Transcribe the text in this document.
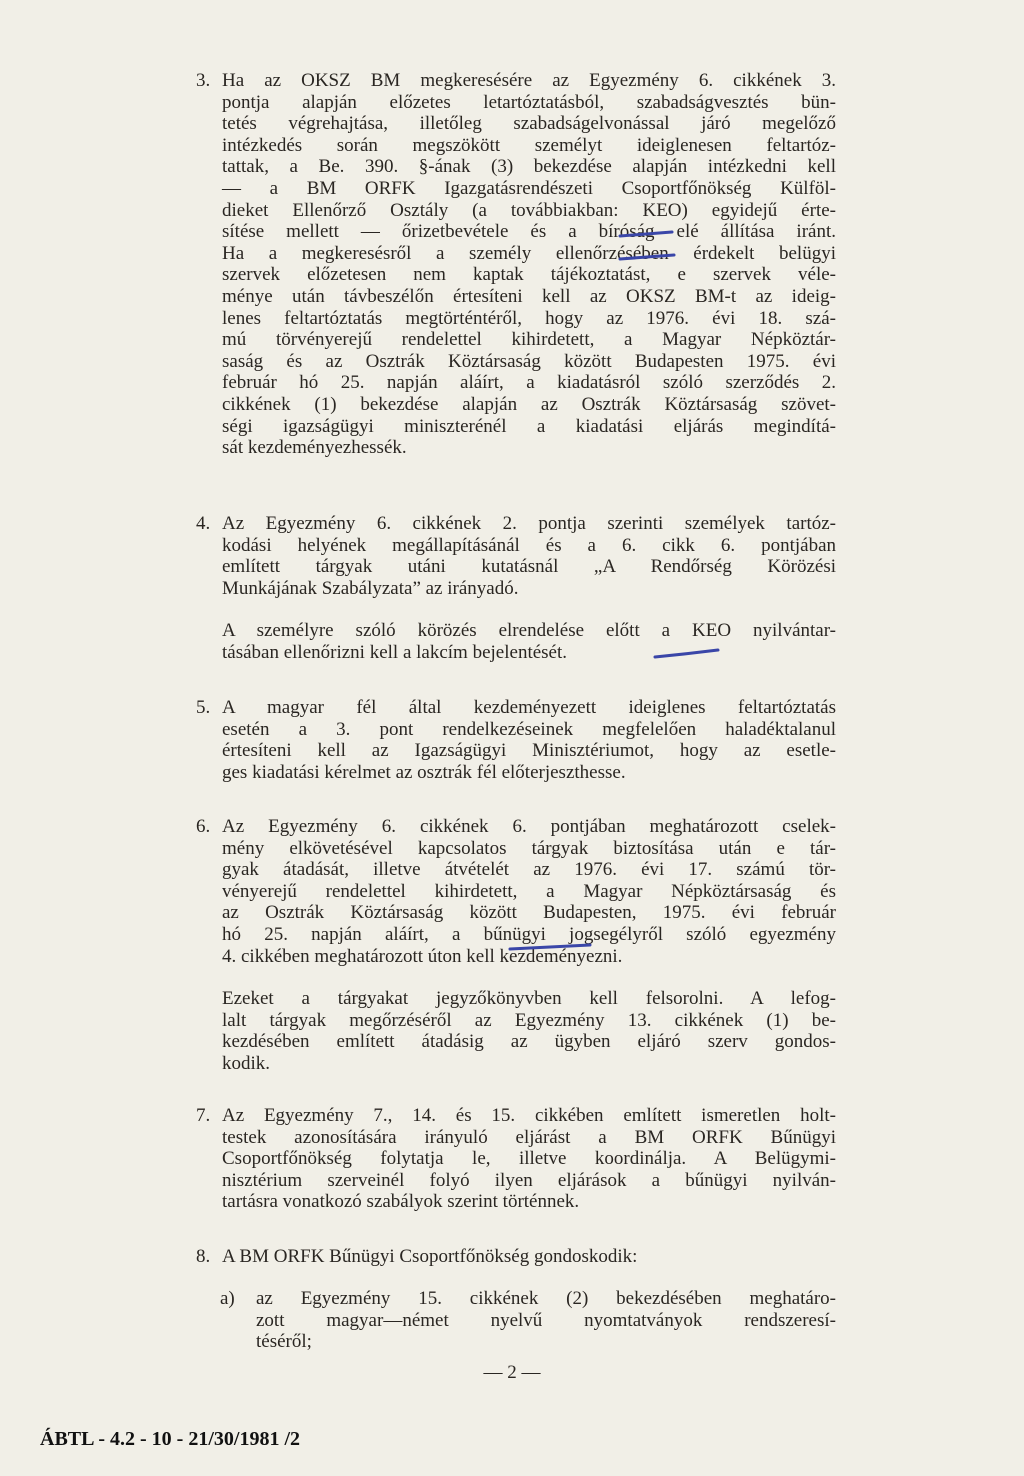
3. Ha az OKSZ BM megkeresésére az Egyezmény 6. cikkének 3.
pontja alapján előzetes letartóztatásból, szabadságvesztés bün-
tetés végrehajtása, illetőleg szabadságelvonással járó megelőző
intézkedés során megszökött személyt ideiglenesen feltartóz-
tattak, a Be. 390. §-ának (3) bekezdése alapján intézkedni kell
— a BM ORFK Igazgatásrendészeti Csoportfőnökség Külföl-
dieket Ellenőrző Osztály (a továbbiakban: KEO) egyidejű érte-
sítése mellett — őrizetbevétele és a bíróság elé állítása iránt.
Ha a megkeresésről a személy ellenőrzésében érdekelt belügyi
szervek előzetesen nem kaptak tájékoztatást, e szervek véle-
ménye után távbeszélőn értesíteni kell az OKSZ BM-t az ideig-
lenes feltartóztatás megtörténtéről, hogy az 1976. évi 18. szá-
mú törvényerejű rendelettel kihirdetett, a Magyar Népköztár-
saság és az Osztrák Köztársaság között Budapesten 1975. évi
február hó 25. napján aláírt, a kiadatásról szóló szerződés 2.
cikkének (1) bekezdése alapján az Osztrák Köztársaság szövet-
ségi igazságügyi miniszterénél a kiadatási eljárás megindítá-
sát kezdeményezhessék.
4. Az Egyezmény 6. cikkének 2. pontja szerinti személyek tartóz-
kodási helyének megállapításánál és a 6. cikk 6. pontjában
említett tárgyak utáni kutatásnál „A Rendőrség Körözési
Munkájának Szabályzata” az irányadó.
A személyre szóló körözés elrendelése előtt a KEO nyilvántar-
tásában ellenőrizni kell a lakcím bejelentését.
5. A magyar fél által kezdeményezett ideiglenes feltartóztatás
esetén a 3. pont rendelkezéseinek megfelelően haladéktalanul
értesíteni kell az Igazságügyi Minisztériumot, hogy az esetle-
ges kiadatási kérelmet az osztrák fél előterjeszthesse.
6. Az Egyezmény 6. cikkének 6. pontjában meghatározott cselek-
mény elkövetésével kapcsolatos tárgyak biztosítása után e tár-
gyak átadását, illetve átvételét az 1976. évi 17. számú tör-
vényerejű rendelettel kihirdetett, a Magyar Népköztársaság és
az Osztrák Köztársaság között Budapesten, 1975. évi február
hó 25. napján aláírt, a bűnügyi jogsegélyről szóló egyezmény
4. cikkében meghatározott úton kell kezdeményezni.
Ezeket a tárgyakat jegyzőkönyvben kell felsorolni. A lefog-
lalt tárgyak megőrzéséről az Egyezmény 13. cikkének (1) be-
kezdésében említett átadásig az ügyben eljáró szerv gondos-
kodik.
7. Az Egyezmény 7., 14. és 15. cikkében említett ismeretlen holt-
testek azonosítására irányuló eljárást a BM ORFK Bűnügyi
Csoportfőnökség folytatja le, illetve koordinálja. A Belügymi-
nisztérium szerveinél folyó ilyen eljárások a bűnügyi nyilván-
tartásra vonatkozó szabályok szerint történnek.
8. A BM ORFK Bűnügyi Csoportfőnökség gondoskodik:
a) az Egyezmény 15. cikkének (2) bekezdésében meghatáro-
zott magyar—német nyelvű nyomtatványok rendszeresí-
téséről;
— 2 —
ÁBTL - 4.2 - 10 - 21/30/1981 /2
